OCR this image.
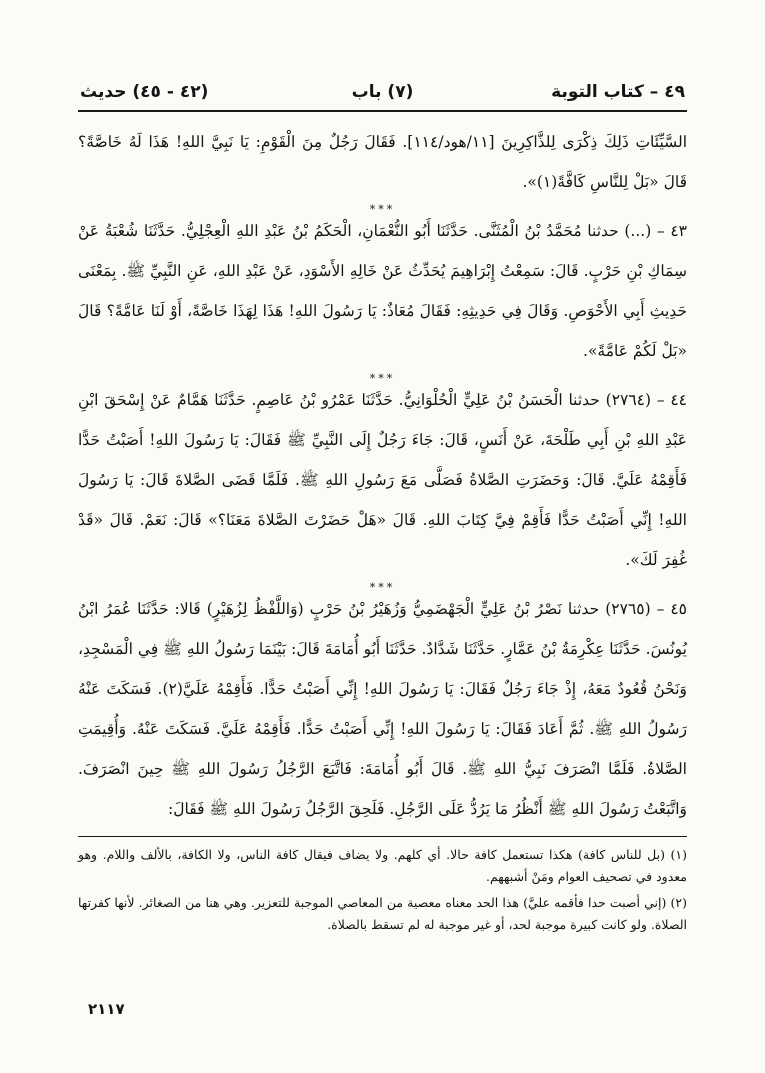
٤٩ – كتاب التوبة
(٧) باب
(٤٢ - ٤٥) حديث

السَّيِّئَاتِ ذَلِكَ ذِكْرَى لِلذَّاكِرِينَ [١١/هود/١١٤]. فَقَالَ رَجُلٌ مِنَ الْقَوْمِ: يَا نَبِيَّ اللهِ! هَذَا لَهُ خَاصَّةً؟ قَالَ «بَلْ لِلنَّاسِ كَافَّةً(١)».

***

٤٣ – (...) حدثنا مُحَمَّدُ بْنُ الْمُثَنَّى. حَدَّثَنَا أَبُو النُّعْمَانِ، الْحَكَمُ بْنُ عَبْدِ اللهِ الْعِجْلِيُّ. حَدَّثَنَا شُعْبَةُ عَنْ سِمَاكِ بْنِ حَرْبٍ. قَالَ: سَمِعْتُ إِبْرَاهِيمَ يُحَدِّثُ عَنْ خَالِهِ الأَسْوَدِ، عَنْ عَبْدِ اللهِ، عَنِ النَّبِيِّ ﷺ. بِمَعْنَى حَدِيثِ أَبِي الأَحْوَصِ. وَقَالَ فِي حَدِيثِهِ: فَقَالَ مُعَاذٌ: يَا رَسُولَ اللهِ! هَذَا لِهَذَا خَاصَّةً، أَوْ لَنَا عَامَّةً؟ قَالَ «بَلْ لَكُمْ عَامَّةً».

***

٤٤ – (٢٧٦٤) حدثنا الْحَسَنُ بْنُ عَلِيٍّ الْحُلْوَانِيُّ. حَدَّثَنَا عَمْرُو بْنُ عَاصِمٍ. حَدَّثَنَا هَمَّامٌ عَنْ إِسْحَقَ ابْنِ عَبْدِ اللهِ بْنِ أَبِي طَلْحَةَ، عَنْ أَنَسٍ، قَالَ: جَاءَ رَجُلٌ إِلَى النَّبِيِّ ﷺ فَقَالَ: يَا رَسُولَ اللهِ! أَصَبْتُ حَدًّا فَأَقِمْهُ عَلَيَّ. قَالَ: وَحَضَرَتِ الصَّلاةُ فَصَلَّى مَعَ رَسُولِ اللهِ ﷺ. فَلَمَّا قَضَى الصَّلاةَ قَالَ: يَا رَسُولَ اللهِ! إِنِّي أَصَبْتُ حَدًّا فَأَقِمْ فِيَّ كِتَابَ اللهِ. قَالَ «هَلْ حَضَرْتَ الصَّلاةَ مَعَنَا؟» قَالَ: نَعَمْ. قَالَ «قَدْ غُفِرَ لَكَ».

***

٤٥ – (٢٧٦٥) حدثنا نَصْرُ بْنُ عَلِيٍّ الْجَهْضَمِيُّ وَزُهَيْرُ بْنُ حَرْبٍ (وَاللَّفْظُ لِزُهَيْرٍ) قَالا: حَدَّثَنَا عُمَرُ ابْنُ يُونُسَ. حَدَّثَنَا عِكْرِمَةُ بْنُ عَمَّارٍ. حَدَّثَنَا شَدَّادٌ. حَدَّثَنَا أَبُو أُمَامَةَ قَالَ: بَيْنَمَا رَسُولُ اللهِ ﷺ فِي الْمَسْجِدِ، وَنَحْنُ قُعُودٌ مَعَهُ، إِذْ جَاءَ رَجُلٌ فَقَالَ: يَا رَسُولَ اللهِ! إِنِّي أَصَبْتُ حَدًّا. فَأَقِمْهُ عَلَيَّ(٢). فَسَكَتَ عَنْهُ رَسُولُ اللهِ ﷺ. ثُمَّ أَعَادَ فَقَالَ: يَا رَسُولَ اللهِ! إِنِّي أَصَبْتُ حَدًّا. فَأَقِمْهُ عَلَيَّ. فَسَكَتَ عَنْهُ. وَأُقِيمَتِ الصَّلاةُ. فَلَمَّا انْصَرَفَ نَبِيُّ اللهِ ﷺ. قَالَ أَبُو أُمَامَةَ: فَاتَّبَعَ الرَّجُلُ رَسُولَ اللهِ ﷺ حِينَ انْصَرَفَ. وَاتَّبَعْتُ رَسُولَ اللهِ ﷺ أَنْظُرُ مَا يَرُدُّ عَلَى الرَّجُلِ. فَلَحِقَ الرَّجُلُ رَسُولَ اللهِ ﷺ فَقَالَ:

(١) (بل للناس كافة) هكذا تستعمل كافة حالا. أي كلهم. ولا يضاف فيقال كافة الناس، ولا الكافة، بالألف واللام. وهو معدود في تصحيف العوام ومَنْ أشبههم.

(٢) (إني أصبت حدا فأقمه عليَّ) هذا الحد معناه معصية من المعاصي الموجبة للتعزير. وهي هنا من الصغائر. لأنها كفرتها الصلاة. ولو كانت كبيرة موجبة لحد، أو غير موجبة له لم تسقط بالصلاة.

٢١١٧
